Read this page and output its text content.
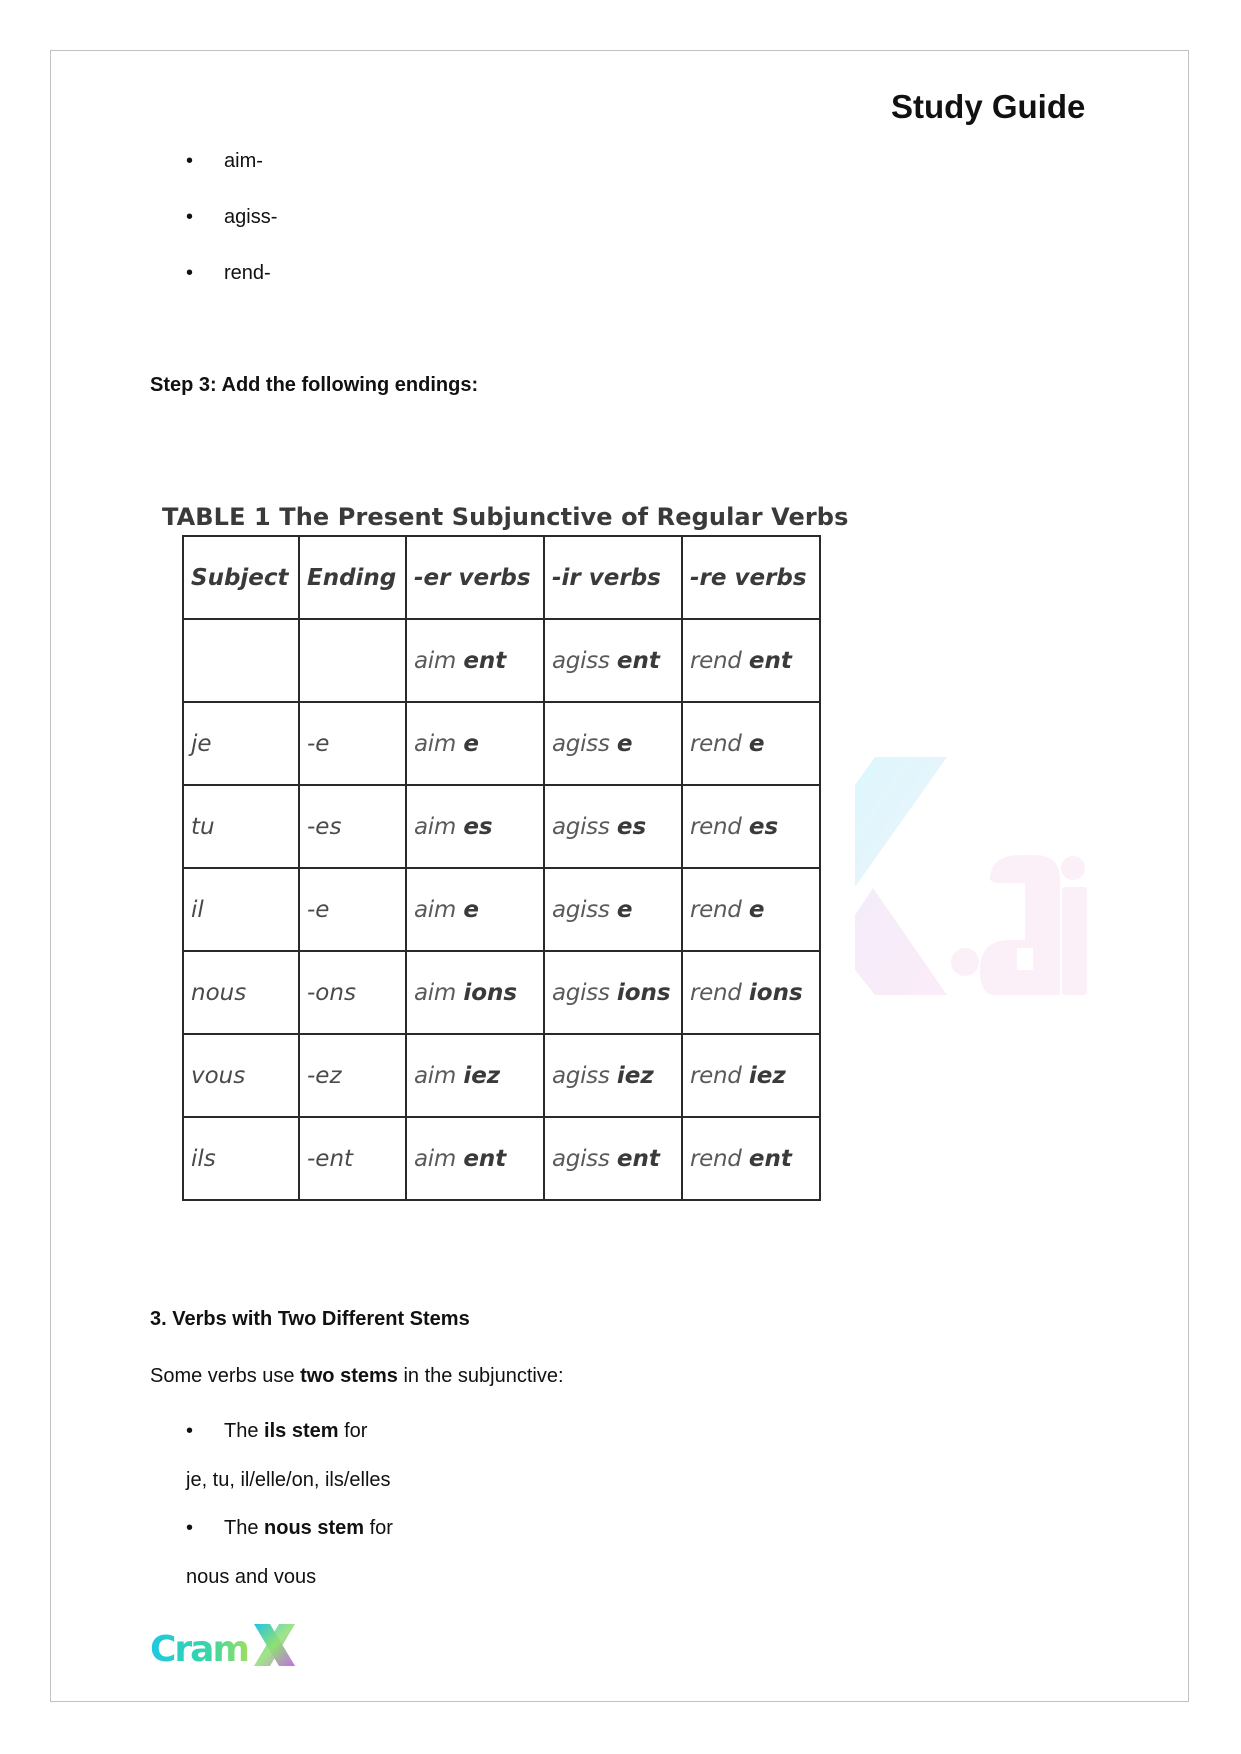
Study Guide
• aim-
• agiss-
• rend-
Step 3: Add the following endings:
TABLE 1 The Present Subjunctive of Regular Verbs
Subject	Ending	-er verbs	-ir verbs	-re verbs
		aim ent	agiss ent	rend ent
je	-e	aim e	agiss e	rend e
tu	-es	aim es	agiss es	rend es
il	-e	aim e	agiss e	rend e
nous	-ons	aim ions	agiss ions	rend ions
vous	-ez	aim iez	agiss iez	rend iez
ils	-ent	aim ent	agiss ent	rend ent
3. Verbs with Two Different Stems
Some verbs use two stems in the subjunctive:
• The ils stem for
je, tu, il/elle/on, ils/elles
• The nous stem for
nous and vous
Cram
